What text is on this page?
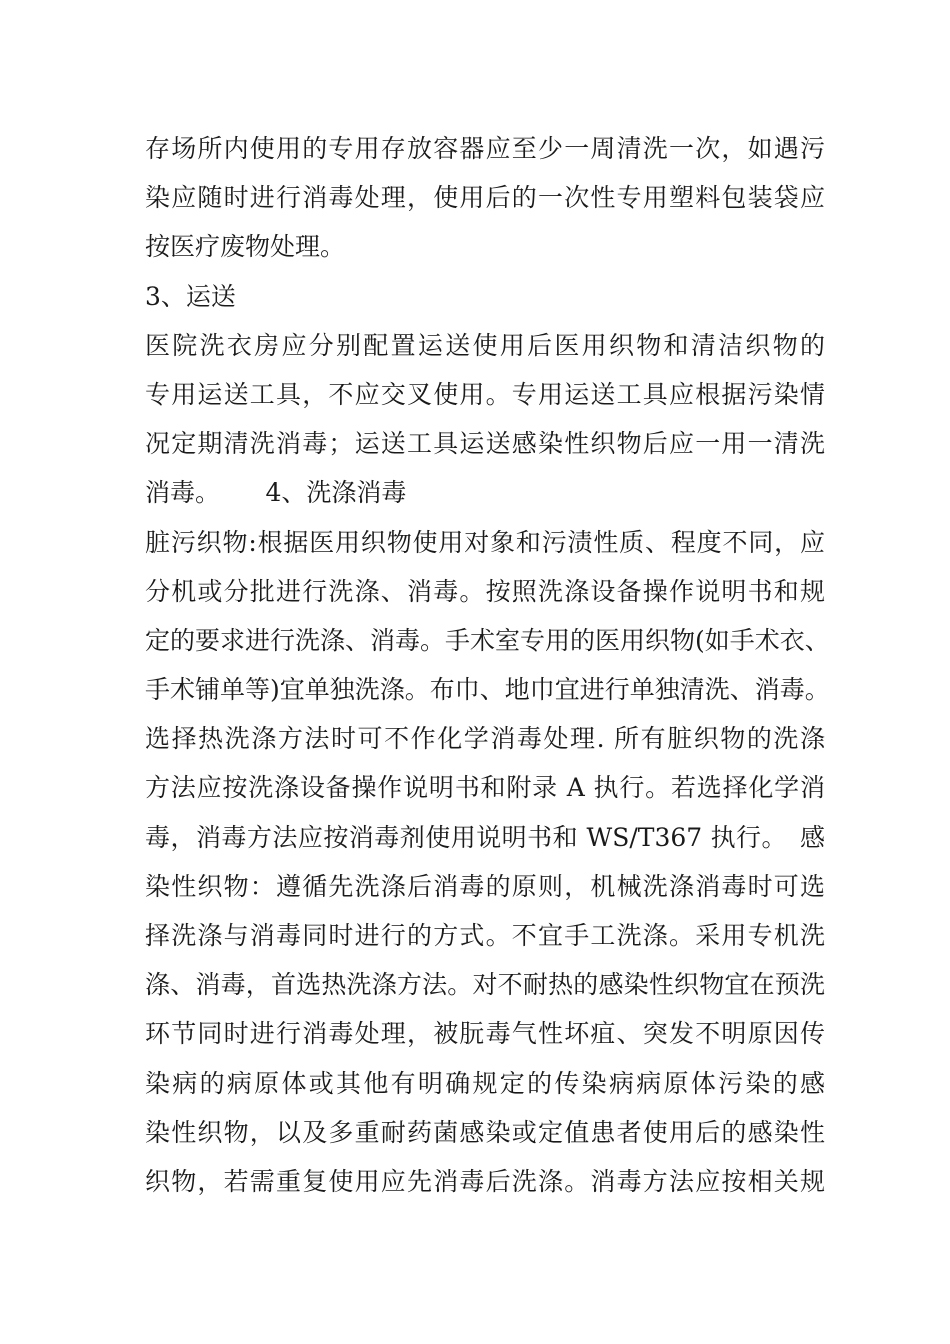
存场所内使用的专用存放容器应至少一周清洗一次，如遇污
染应随时进行消毒处理，使用后的一次性专用塑料包装袋应
按医疗废物处理。
3、运送
医院洗衣房应分别配置运送使用后医用织物和清洁织物的
专用运送工具，不应交叉使用。专用运送工具应根据污染情
况定期清洗消毒；运送工具运送感染性织物后应一用一清洗
消毒。　　 4、洗涤消毒
脏污织物:根据医用织物使用对象和污渍性质、程度不同，应
分机或分批进行洗涤、消毒。按照洗涤设备操作说明书和规
定的要求进行洗涤、消毒。手术室专用的医用织物(如手术衣、
手术铺单等)宜单独洗涤。布巾、地巾宜进行单独清洗、消毒。
选择热洗涤方法时可不作化学消毒处理. 所有脏织物的洗涤
方法应按洗涤设备操作说明书和附录 A 执行。若选择化学消
毒，消毒方法应按消毒剂使用说明书和 WS/T367 执行。　感
染性织物：遵循先洗涤后消毒的原则，机械洗涤消毒时可选
择洗涤与消毒同时进行的方式。不宜手工洗涤。采用专机洗
涤、消毒，首选热洗涤方法。对不耐热的感染性织物宜在预洗
环节同时进行消毒处理，被朊毒气性坏疽、突发不明原因传
染病的病原体或其他有明确规定的传染病病原体污染的感
染性织物，以及多重耐药菌感染或定值患者使用后的感染性
织物，若需重复使用应先消毒后洗涤。消毒方法应按相关规
